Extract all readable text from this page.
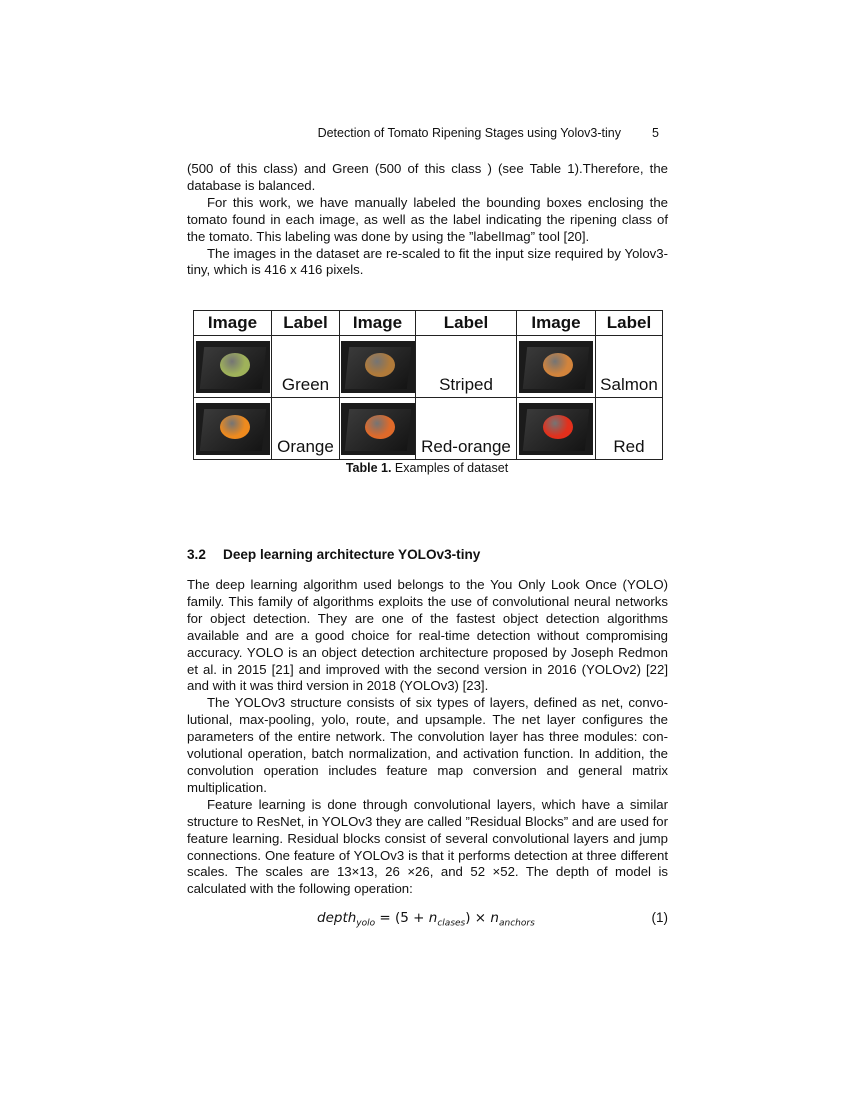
Detection of Tomato Ripening Stages using Yolov3-tiny 5

(500 of this class) and Green (500 of this class ) (see Table 1).Therefore, the database is balanced.

For this work, we have manually labeled the bounding boxes enclosing the tomato found in each image, as well as the label indicating the ripening class of the tomato. This labeling was done by using the ”labelImag” tool [20].

The images in the dataset are re-scaled to fit the input size required by Yolov3-tiny, which is 416 x 416 pixels.

Image	Label	Image	Label	Image	Label

	Green		Striped		Salmon

	Orange		Red-orange		Red
Table 1. Examples of dataset
3.2 Deep learning architecture YOLOv3-tiny

The deep learning algorithm used belongs to the You Only Look Once (YOLO) family. This family of algorithms exploits the use of convolutional neural networks for object detection. They are one of the fastest object detection algorithms available and are a good choice for real-time detection without compromising accuracy. YOLO is an object detection architecture proposed by Joseph Redmon et al. in 2015 [21] and improved with the second version in 2016 (YOLOv2) [22] and with it was third version in 2018 (YOLOv3) [23].

The YOLOv3 structure consists of six types of layers, defined as net, convolutional, max-pooling, yolo, route, and upsample. The net layer configures the parameters of the entire network. The convolution layer has three modules: convolutional operation, batch normalization, and activation function. In addition, the convolution operation includes feature map conversion and general matrix multiplication.

Feature learning is done through convolutional layers, which have a similar structure to ResNet, in YOLOv3 they are called ”Residual Blocks” and are used for feature learning. Residual blocks consist of several convolutional layers and jump connections. One feature of YOLOv3 is that it performs detection at three different scales. The scales are 13×13, 26 ×26, and 52 ×52. The depth of model is calculated with the following operation:

depth$_{yolo}$ = $(5 + n_{clases}) \times n_{anchors}$	(1)
